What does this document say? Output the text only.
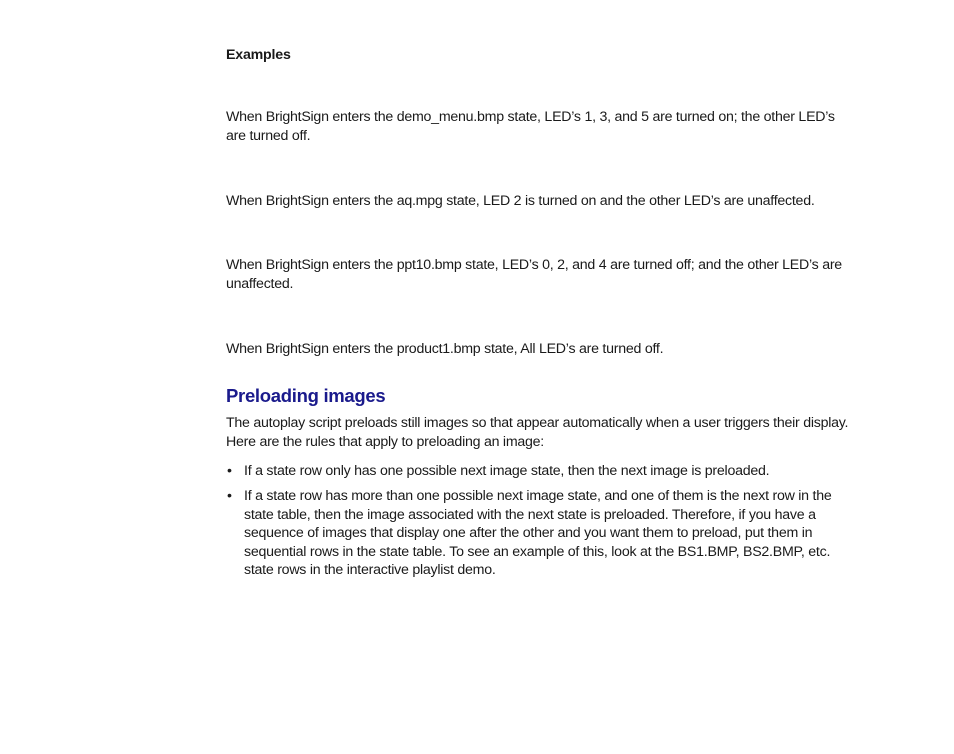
Examples

When BrightSign enters the demo_menu.bmp state, LED’s 1, 3, and 5 are turned on; the other LED’s are turned off.

When BrightSign enters the aq.mpg state, LED 2 is turned on and the other LED’s are unaffected.

When BrightSign enters the ppt10.bmp state, LED’s 0, 2, and 4 are turned off; and the other LED’s are unaffected.

When BrightSign enters the product1.bmp state, All LED’s are turned off.

Preloading images

The autoplay script preloads still images so that appear automatically when a user triggers their display. Here are the rules that apply to preloading an image:

• If a state row only has one possible next image state, then the next image is preloaded.
• If a state row has more than one possible next image state, and one of them is the next row in the state table, then the image associated with the next state is preloaded. Therefore, if you have a sequence of images that display one after the other and you want them to preload, put them in sequential rows in the state table. To see an example of this, look at the BS1.BMP, BS2.BMP, etc. state rows in the interactive playlist demo.
